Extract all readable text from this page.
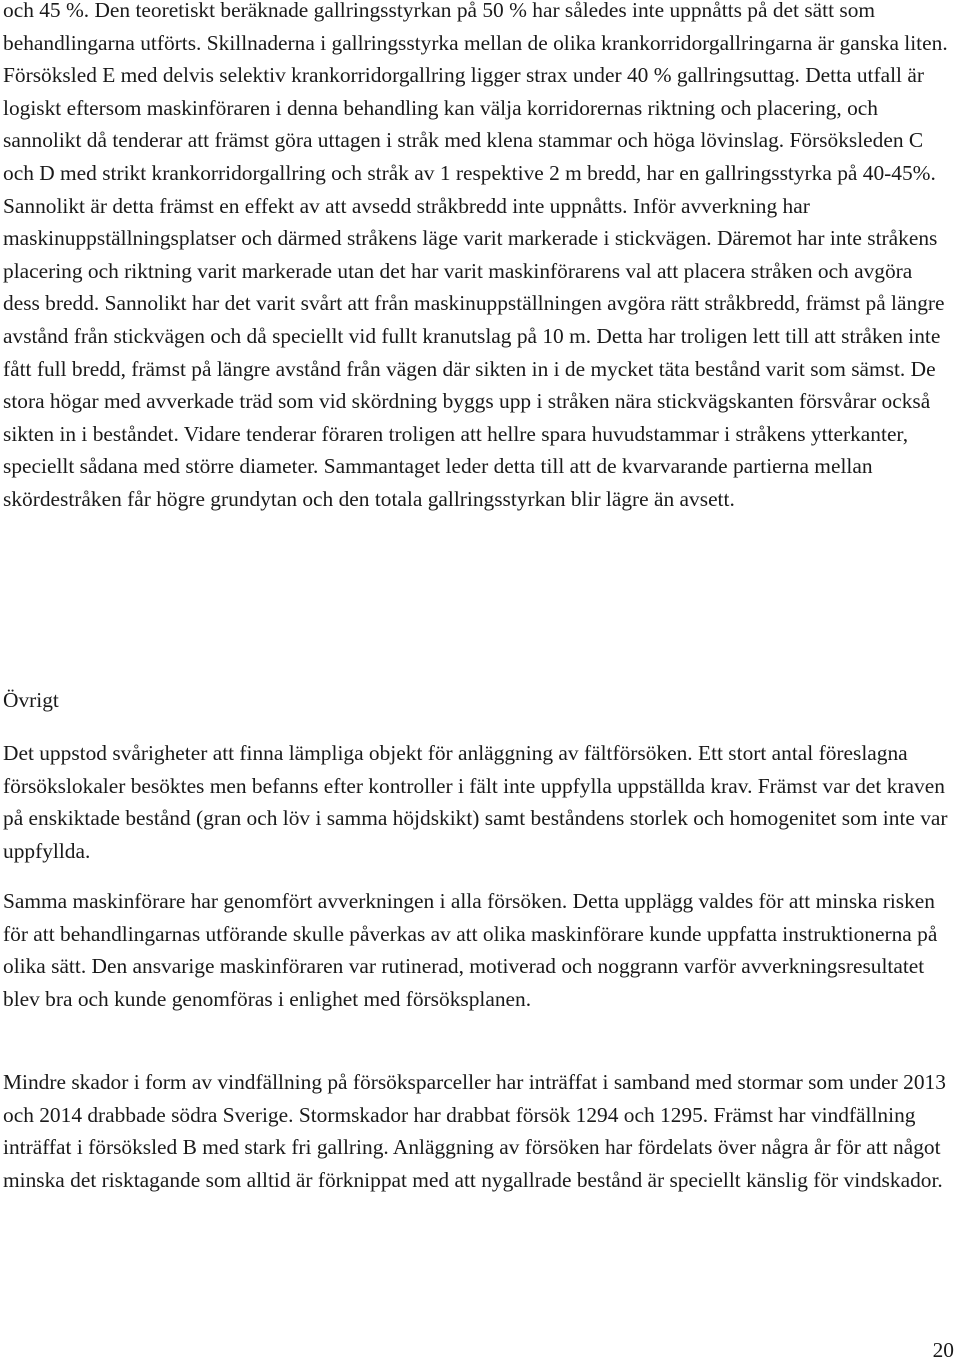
och 45 %. Den teoretiskt beräknade gallringsstyrkan på 50 % har således inte uppnåtts på det sätt som behandlingarna utförts. Skillnaderna i gallringsstyrka mellan de olika krankorridorgallringarna är ganska liten. Försöksled E med delvis selektiv krankorridorgallring ligger strax under 40 % gallringsuttag. Detta utfall är logiskt eftersom maskinföraren i denna behandling kan välja korridorernas riktning och placering, och sannolikt då tenderar att främst göra uttagen i stråk med klena stammar och höga lövinslag. Försöksleden C och D med strikt krankorridorgallring och stråk av 1 respektive 2 m bredd, har en gallringsstyrka på 40-45%. Sannolikt är detta främst en effekt av att avsedd stråkbredd inte uppnåtts. Inför avverkning har maskinuppställningsplatser och därmed stråkens läge varit markerade i stickvägen. Däremot har inte stråkens placering och riktning varit markerade utan det har varit maskinförarens val att placera stråken och avgöra dess bredd. Sannolikt har det varit svårt att från maskinuppställningen avgöra rätt stråkbredd, främst på längre avstånd från stickvägen och då speciellt vid fullt kranutslag på 10 m. Detta har troligen lett till att stråken inte fått full bredd, främst på längre avstånd från vägen där sikten in i de mycket täta bestånd varit som sämst. De stora högar med avverkade träd som vid skördning byggs upp i stråken nära stickvägskanten försvårar också sikten in i beståndet. Vidare tenderar föraren troligen att hellre spara huvudstammar i stråkens ytterkanter, speciellt sådana med större diameter. Sammantaget leder detta till att de kvarvarande partierna mellan skördestråken får högre grundytan och den totala gallringsstyrkan blir lägre än avsett.

Övrigt

Det uppstod svårigheter att finna lämpliga objekt för anläggning av fältförsöken. Ett stort antal föreslagna försökslokaler besöktes men befanns efter kontroller i fält inte uppfylla uppställda krav. Främst var det kraven på enskiktade bestånd (gran och löv i samma höjdskikt) samt beståndens storlek och homogenitet som inte var uppfyllda.

Samma maskinförare har genomfört avverkningen i alla försöken. Detta upplägg valdes för att minska risken för att behandlingarnas utförande skulle påverkas av att olika maskinförare kunde uppfatta instruktionerna på olika sätt. Den ansvarige maskinföraren var rutinerad, motiverad och noggrann varför avverkningsresultatet blev bra och kunde genomföras i enlighet med försöksplanen.

Mindre skador i form av vindfällning på försöksparceller har inträffat i samband med stormar som under 2013 och 2014 drabbade södra Sverige. Stormskador har drabbat försök 1294 och 1295. Främst har vindfällning inträffat i försöksled B med stark fri gallring. Anläggning av försöken har fördelats över några år för att något minska det risktagande som alltid är förknippat med att nygallrade bestånd är speciellt känslig för vindskador.

20
